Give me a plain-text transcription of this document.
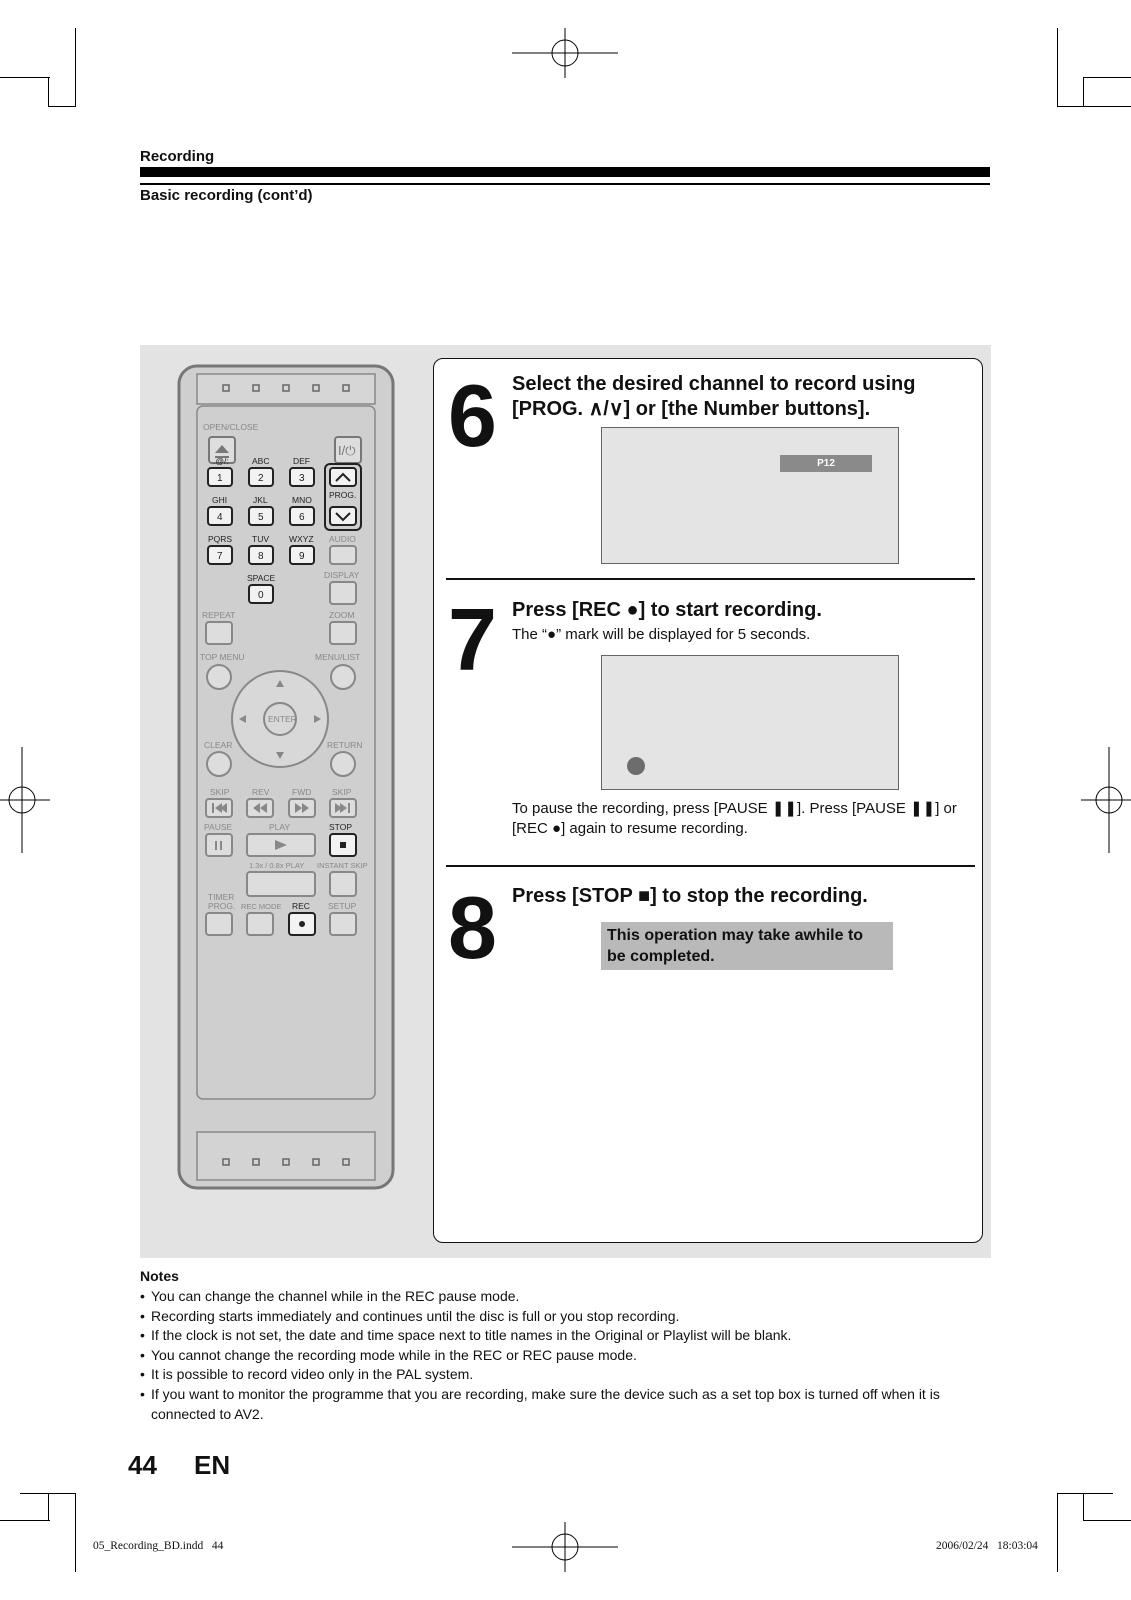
Recording
Basic recording (cont’d)
OPEN/CLOSE
I/⏻
.@/:	ABC	DEF
1	2	3
GHI	JKL	MNO
4	5	6
PQRS TUV WXYZ
7	8	9
SPACE
0
PROG.
AUDIO
DISPLAY
REPEAT	ZOOM
TOP MENU	MENU/LIST
ENTER
CLEAR	RETURN
SKIP	REV	FWD SKIP
PAUSE	PLAY	STOP
1.3x / 0.8x PLAY INSTANT SKIP
TIMER
PROG. REC MODE REC SETUP
6 Select the desired channel to record using
[PROG. ∧/∨] or [the Number buttons].
P12
7 Press [REC ●] to start recording.
The “●” mark will be displayed for 5 seconds.
To pause the recording, press [PAUSE ❚❚]. Press [PAUSE ❚❚] or
[REC ●] again to resume recording.
8 Press [STOP ■] to stop the recording.
This operation may take awhile to
be completed.
Notes
• You can change the channel while in the REC pause mode.
• Recording starts immediately and continues until the disc is full or you stop recording.
• If the clock is not set, the date and time space next to title names in the Original or Playlist will be blank.
• You cannot change the recording mode while in the REC or REC pause mode.
• It is possible to record video only in the PAL system.
• If you want to monitor the programme that you are recording, make sure the device such as a set top box is turned off when it is connected to AV2.
44 EN
05_Recording_BD.indd   44	2006/02/24   18:03:04
